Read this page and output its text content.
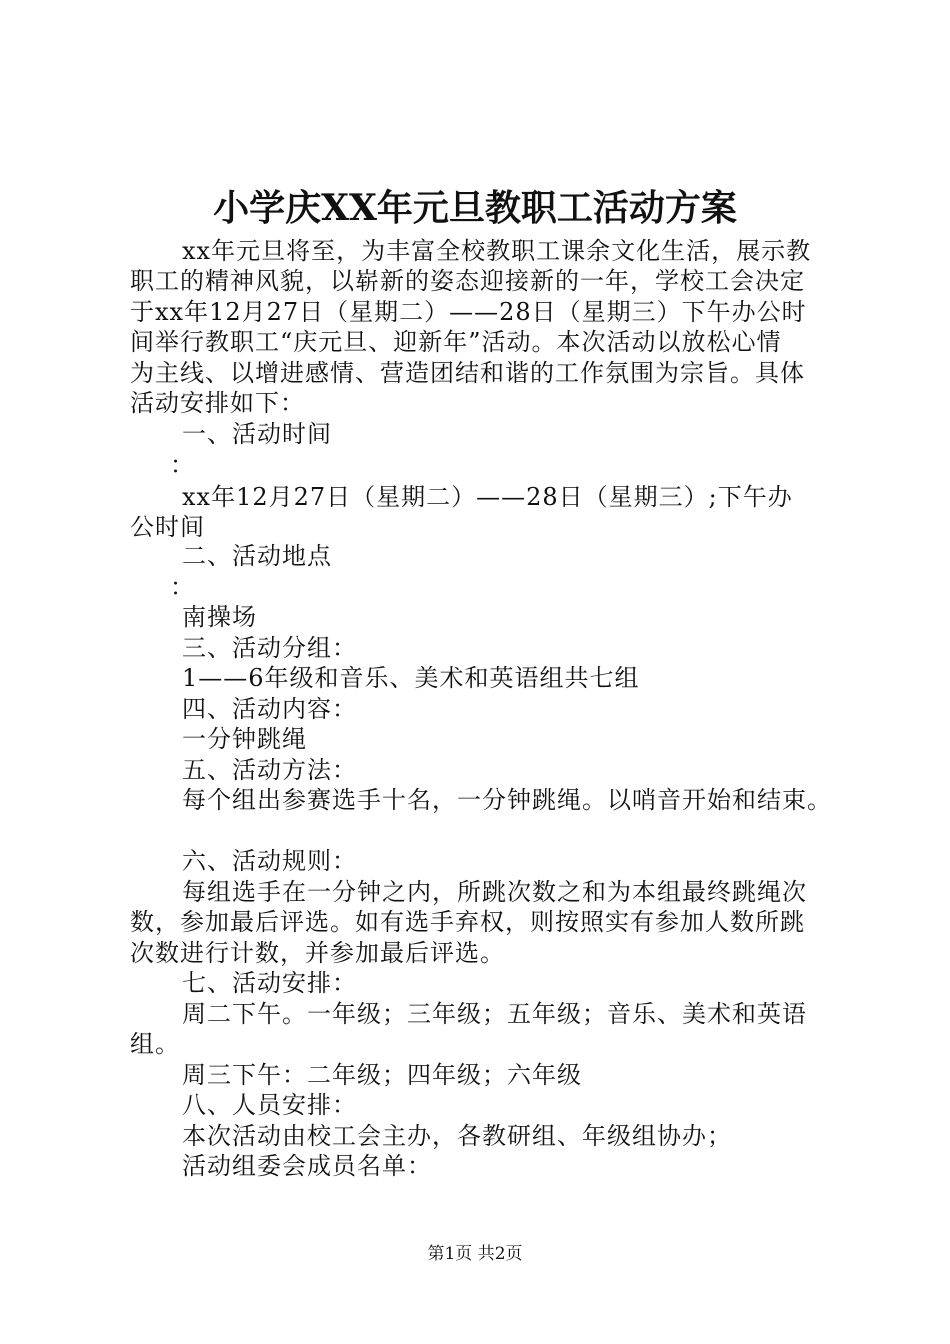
小学庆XX年元旦教职工活动方案
xx年元旦将至，为丰富全校教职工课余文化生活，展示教
职工的精神风貌，以崭新的姿态迎接新的一年，学校工会决定
于xx年12月27日（星期二）——28日（星期三）下午办公时
间举行教职工“庆元旦、迎新年”活动。本次活动以放松心情
为主线、以增进感情、营造团结和谐的工作氛围为宗旨。具体
活动安排如下：
一、活动时间
：
xx年12月27日（星期二）——28日（星期三）;下午办
公时间
二、活动地点
：
南操场
三、活动分组：
1——6年级和音乐、美术和英语组共七组
四、活动内容：
一分钟跳绳
五、活动方法：
每个组出参赛选手十名，一分钟跳绳。以哨音开始和结束。
六、活动规则：
每组选手在一分钟之内，所跳次数之和为本组最终跳绳次
数，参加最后评选。如有选手弃权，则按照实有参加人数所跳
次数进行计数，并参加最后评选。
七、活动安排：
周二下午。一年级；三年级；五年级；音乐、美术和英语
组。
周三下午：二年级；四年级；六年级
八、人员安排：
本次活动由校工会主办，各教研组、年级组协办；
活动组委会成员名单：
第1页 共2页
